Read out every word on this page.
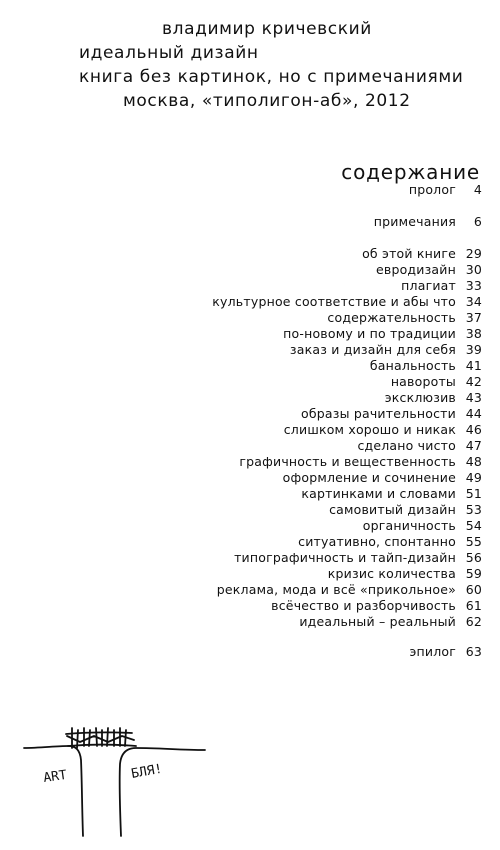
владимир кричевский
идеальный дизайн
книга без картинок, но с примечаниями
москва, «типолигон-аб», 2012
содержание
пролог	4
примечания	6
об этой книге 29
евродизайн 30
плагиат 33
культурное соответствие и абы что 34
содержательность 37
по-новому и по традиции 38
заказ и дизайн для себя 39
банальность 41
навороты 42
эксклюзив 43
образы рачительности 44
слишком хорошо и никак 46
сделано чисто 47
графичность и вещественность 48
оформление и сочинение 49
картинками и словами 51
самовитый дизайн 53
органичность 54
ситуативно, спонтанно 55
типографичность и тайп-дизайн 56
кризис количества 59
реклама, мода и всё «прикольное» 60
всёчество и разборчивость 61
идеальный – реальный 62
эпилог 63
ART	БЛЯ!
